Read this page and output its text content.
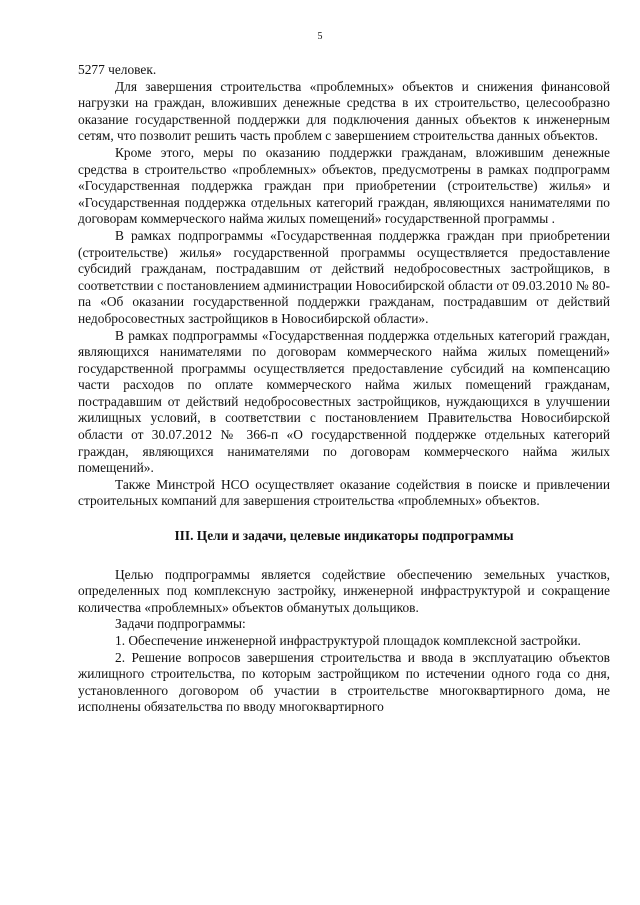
5

5277 человек.

Для завершения строительства «проблемных» объектов и снижения финансовой нагрузки на граждан, вложивших денежные средства в их строительство, целесообразно оказание государственной поддержки для подключения данных объектов к инженерным сетям, что позволит решить часть проблем с завершением строительства данных объектов.

Кроме этого, меры по оказанию поддержки гражданам, вложившим денежные средства в строительство «проблемных» объектов, предусмотрены в рамках подпрограмм «Государственная поддержка граждан при приобретении (строительстве) жилья» и «Государственная поддержка отдельных категорий граждан, являющихся нанимателями по договорам коммерческого найма жилых помещений» государственной программы .

В рамках подпрограммы «Государственная поддержка граждан при приобретении (строительстве) жилья» государственной программы осуществляется предоставление субсидий гражданам, пострадавшим от действий недобросовестных застройщиков, в соответствии с постановлением администрации Новосибирской области от 09.03.2010 № 80-па «Об оказании государственной поддержки гражданам, пострадавшим от действий недобросовестных застройщиков в Новосибирской области».

В рамках подпрограммы «Государственная поддержка отдельных категорий граждан, являющихся нанимателями по договорам коммерческого найма жилых помещений» государственной программы осуществляется предоставление субсидий на компенсацию части расходов по оплате коммерческого найма жилых помещений гражданам, пострадавшим от действий недобросовестных застройщиков, нуждающихся в улучшении жилищных условий, в соответствии с постановлением Правительства Новосибирской области от 30.07.2012 № 366-п «О государственной поддержке отдельных категорий граждан, являющихся нанимателями по договорам коммерческого найма жилых помещений».

Также Минстрой НСО осуществляет оказание содействия в поиске и привлечении строительных компаний для завершения строительства «проблемных» объектов.

III. Цели и задачи, целевые индикаторы подпрограммы

Целью подпрограммы является содействие обеспечению земельных участков, определенных под комплексную застройку, инженерной инфраструктурой и сокращение количества «проблемных» объектов обманутых дольщиков.

Задачи подпрограммы:

1. Обеспечение инженерной инфраструктурой площадок комплексной застройки.

2. Решение вопросов завершения строительства и ввода в эксплуатацию объектов жилищного строительства, по которым застройщиком по истечении одного года со дня, установленного договором об участии в строительстве многоквартирного дома, не исполнены обязательства по вводу многоквартирного
